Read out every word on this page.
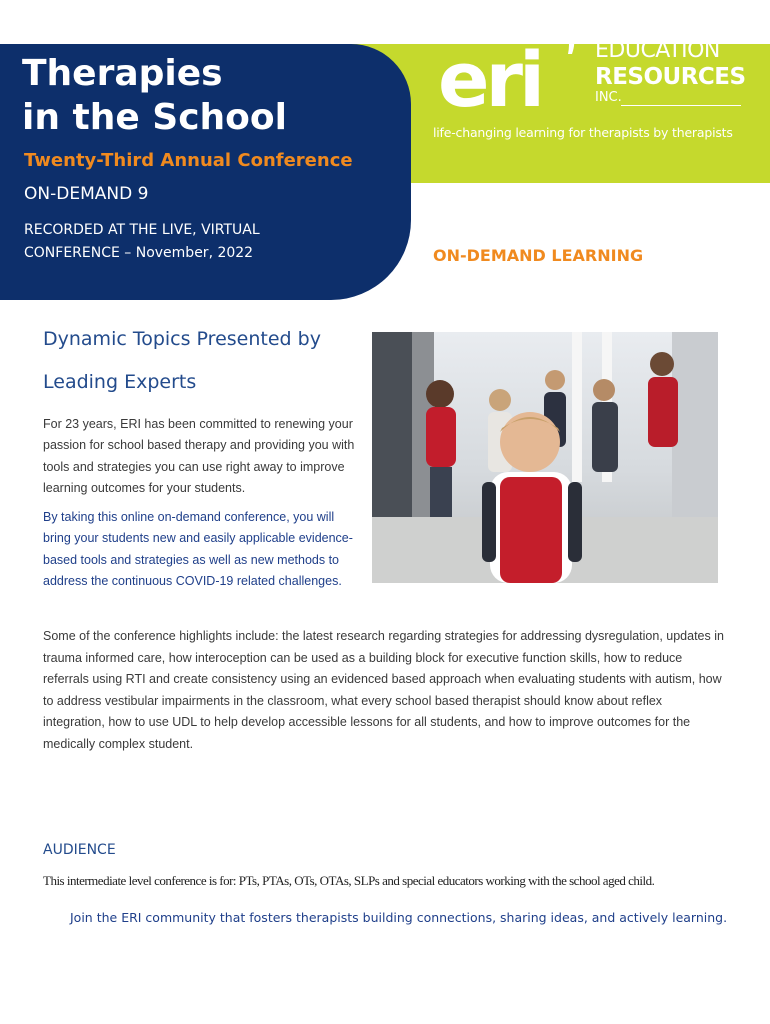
Therapies
in the School
Twenty-Third Annual Conference
ON-DEMAND 9
RECORDED AT THE LIVE, VIRTUAL
CONFERENCE – November, 2022
eri EDUCATION
RESOURCES
INC.
life-changing learning for therapists by therapists
ON-DEMAND LEARNING
Dynamic Topics Presented by
Leading Experts

For 23 years, ERI has been committed to renewing your passion for school based therapy and providing you with tools and strategies you can use right away to improve learning outcomes for your students.

By taking this online on-demand conference, you will bring your students new and easily applicable evidence-based tools and strategies as well as new methods to address the continuous COVID-19 related challenges.

Some of the conference highlights include: the latest research regarding strategies for addressing dysregulation, updates in trauma informed care, how interoception can be used as a building block for executive function skills, how to reduce referrals using RTI and create consistency using an evidenced based approach when evaluating students with autism, how to address vestibular impairments in the classroom, what every school based therapist should know about reflex integration, how to use UDL to help develop accessible lessons for all students, and how to improve outcomes for the medically complex student.

AUDIENCE
This intermediate level conference is for: PTs, PTAs, OTs, OTAs, SLPs and special educators working with the school aged child.
Join the ERI community that fosters therapists building connections, sharing ideas, and actively learning.
